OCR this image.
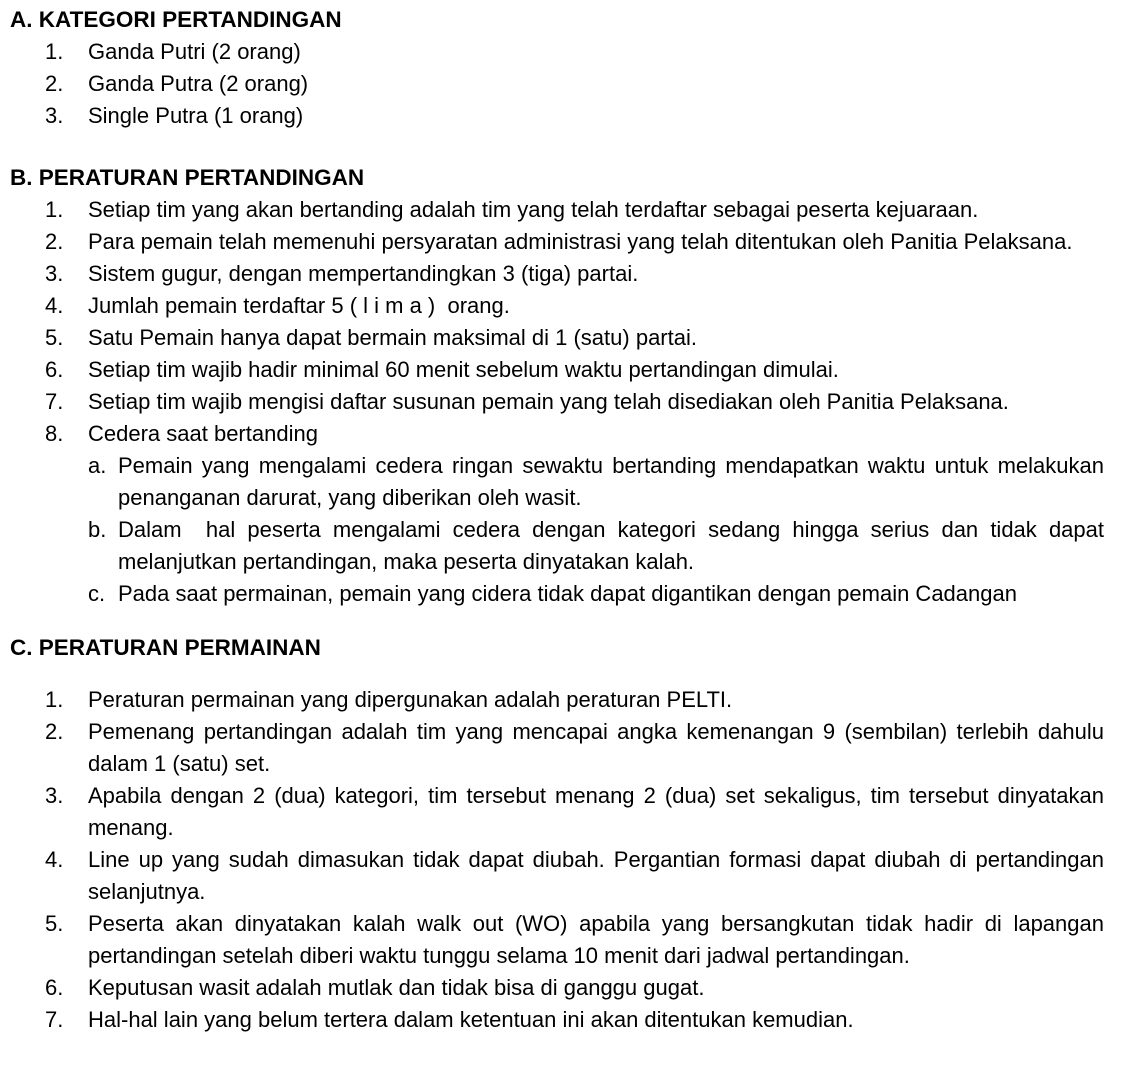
A. KATEGORI PERTANDINGAN
1.	Ganda Putri (2 orang)
2.	Ganda Putra (2 orang)
3.	Single Putra (1 orang)
B. PERATURAN PERTANDINGAN
1.	Setiap tim yang akan bertanding adalah tim yang telah terdaftar sebagai peserta kejuaraan.
2.	Para pemain telah memenuhi persyaratan administrasi yang telah ditentukan oleh Panitia Pelaksana.
3.	Sistem gugur, dengan mempertandingkan 3 (tiga) partai.
4.	Jumlah pemain terdaftar 5 ( l i m a )  orang.
5.	Satu Pemain hanya dapat bermain maksimal di 1 (satu) partai.
6.	Setiap tim wajib hadir minimal 60 menit sebelum waktu pertandingan dimulai.
7.	Setiap tim wajib mengisi daftar susunan pemain yang telah disediakan oleh Panitia Pelaksana.
8.	Cedera saat bertanding
a. Pemain yang mengalami cedera ringan sewaktu bertanding mendapatkan waktu untuk melakukan penanganan darurat, yang diberikan oleh wasit.
b. Dalam  hal peserta mengalami cedera dengan kategori sedang hingga serius dan tidak dapat melanjutkan pertandingan, maka peserta dinyatakan kalah.
c. Pada saat permainan, pemain yang cidera tidak dapat digantikan dengan pemain Cadangan
C. PERATURAN PERMAINAN
1.	Peraturan permainan yang dipergunakan adalah peraturan PELTI.
2.	Pemenang pertandingan adalah tim yang mencapai angka kemenangan 9 (sembilan) terlebih dahulu dalam 1 (satu) set.
3.	Apabila dengan 2 (dua) kategori, tim tersebut menang 2 (dua) set sekaligus, tim tersebut dinyatakan menang.
4.	Line up yang sudah dimasukan tidak dapat diubah. Pergantian formasi dapat diubah di pertandingan selanjutnya.
5.	Peserta akan dinyatakan kalah walk out (WO) apabila yang bersangkutan tidak hadir di lapangan pertandingan setelah diberi waktu tunggu selama 10 menit dari jadwal pertandingan.
6.	Keputusan wasit adalah mutlak dan tidak bisa di ganggu gugat.
7.	Hal-hal lain yang belum tertera dalam ketentuan ini akan ditentukan kemudian.
